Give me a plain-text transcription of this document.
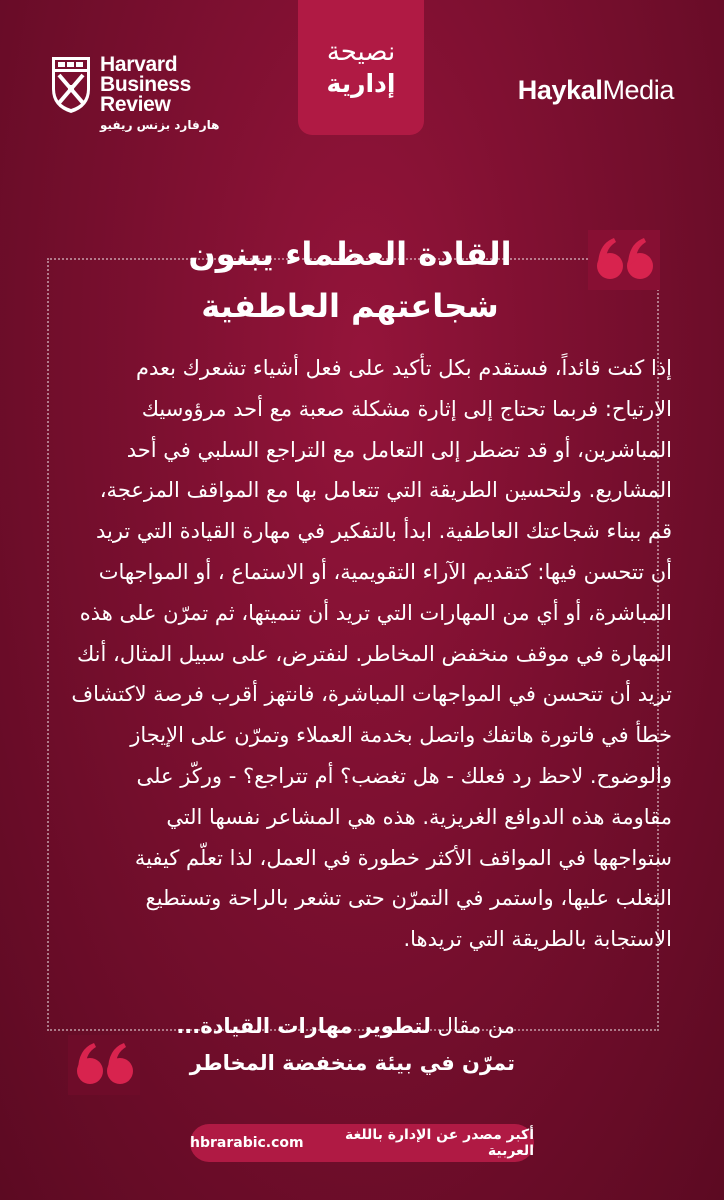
Harvard
Business
Review
هارفارد بزنس ريفيو
نصيحة
إدارية	HaykalMedia
القادة العظماء يبنون
شجاعتهم العاطفية
إذا كنت قائداً، فستقدم بكل تأكيد على فعل أشياء تشعرك بعدم
الارتياح: فربما تحتاج إلى إثارة مشكلة صعبة مع أحد مرؤوسيك
المباشرين، أو قد تضطر إلى التعامل مع التراجع السلبي في أحد
المشاريع. ولتحسين الطريقة التي تتعامل بها مع المواقف المزعجة،
قم ببناء شجاعتك العاطفية. ابدأ بالتفكير في مهارة القيادة التي تريد
أن تتحسن فيها: كتقديم الآراء التقويمية، أو الاستماع ، أو المواجهات
المباشرة، أو أي من المهارات التي تريد أن تنميتها، ثم تمرّن على هذه
المهارة في موقف منخفض المخاطر. لنفترض، على سبيل المثال، أنك
تريد أن تتحسن في المواجهات المباشرة، فانتهز أقرب فرصة لاكتشاف
خطأ في فاتورة هاتفك واتصل بخدمة العملاء وتمرّن على الإيجاز
والوضوح. لاحظ رد فعلك - هل تغضب؟ أم تتراجع؟ - وركّز على
مقاومة هذه الدوافع الغريزية. هذه هي المشاعر نفسها التي
ستواجهها في المواقف الأكثر خطورة في العمل، لذا تعلّم كيفية
التغلب عليها، واستمر في التمرّن حتى تشعر بالراحة وتستطيع
الاستجابة بالطريقة التي تريدها.
من مقال لتطوير مهارات القيادة...
تمرّن في بيئة منخفضة المخاطر
hbrarabic.com	أكبر مصدر عن الإدارة باللغة العربية
